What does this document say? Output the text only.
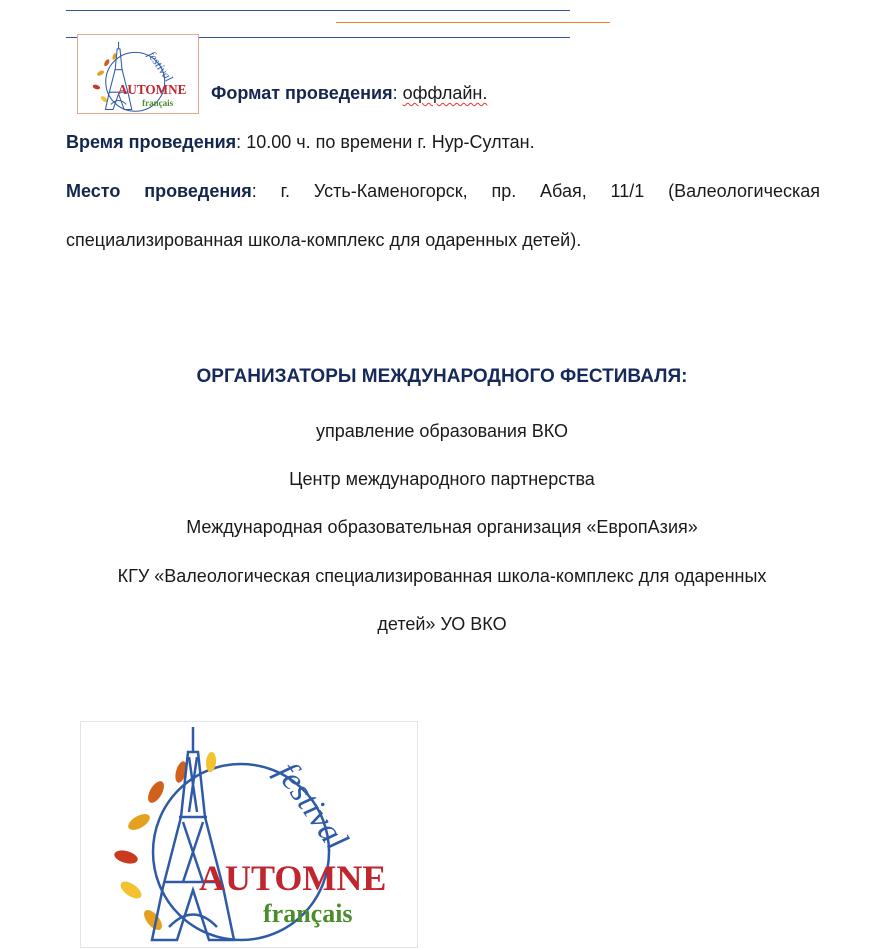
festival
AUTOMNE
français
Формат проведения: оффлайн.
Время проведения: 10.00 ч. по времени г. Нур-Султан.
Место проведения: г. Усть-Каменогорск, пр. Абая, 11/1 (Валеологическая
специализированная школа-комплекс для одаренных детей).
ОРГАНИЗАТОРЫ МЕЖДУНАРОДНОГО ФЕСТИВАЛЯ:
управление образования ВКО
Центр международного партнерства
Международная образовательная организация «ЕвропАзия»
КГУ «Валеологическая специализированная школа-комплекс для одаренных
детей» УО ВКО
festival
AUTOMNE
français
